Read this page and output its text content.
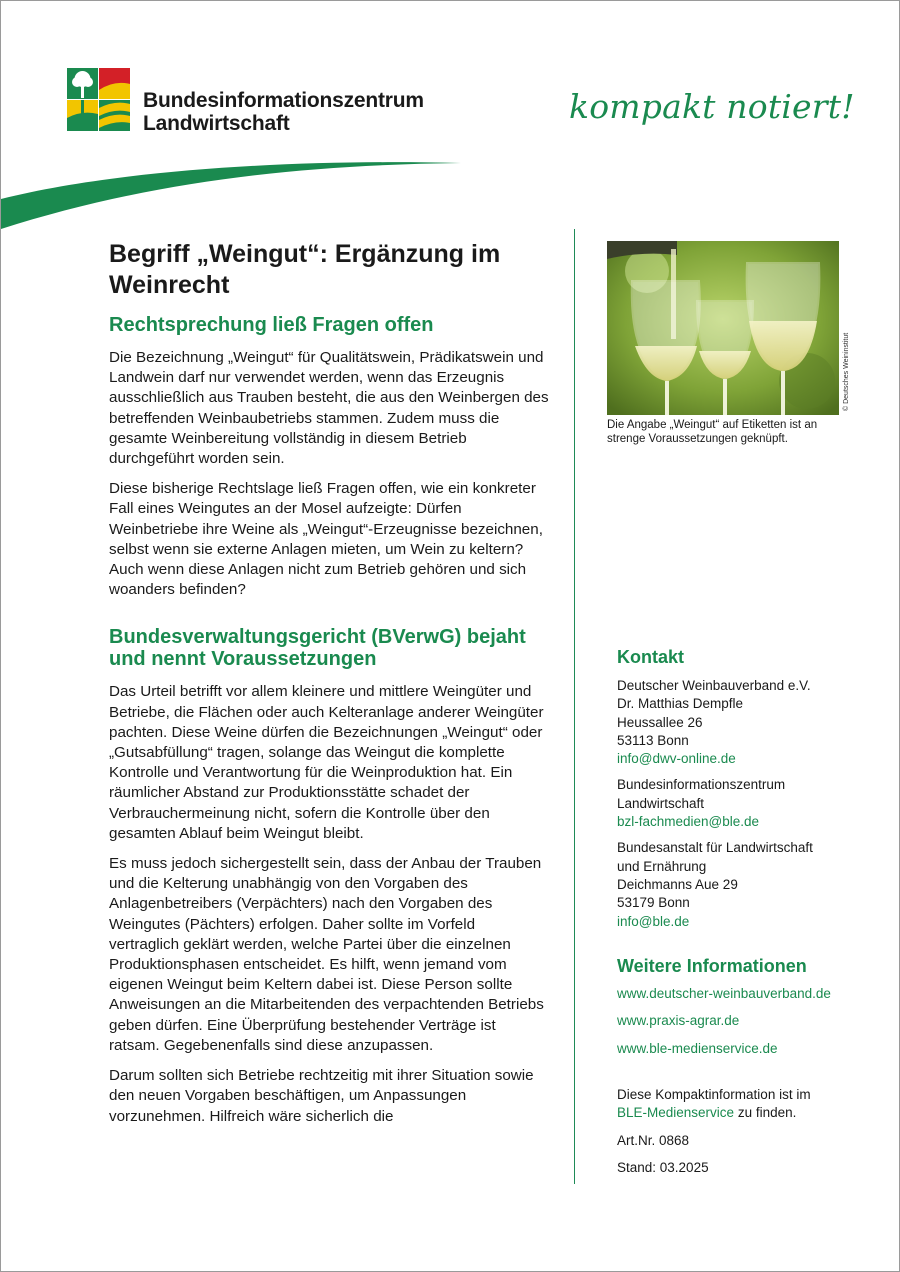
Bundesinformationszentrum
Landwirtschaft	kompakt notiert!
Begriff „Weingut“: Ergänzung im Weinrecht
Rechtsprechung ließ Fragen offen
Die Bezeichnung „Weingut“ für Qualitätswein, Prädikatswein und Landwein darf nur verwendet werden, wenn das Erzeugnis ausschließlich aus Trauben besteht, die aus den Weinbergen des betreffenden Weinbaubetriebs stammen. Zudem muss die gesamte Weinbereitung vollständig in diesem Betrieb durchgeführt worden sein.
Diese bisherige Rechtslage ließ Fragen offen, wie ein konkreter Fall eines Weingutes an der Mosel aufzeigte: Dürfen Weinbetriebe ihre Weine als „Weingut“-Erzeugnisse bezeichnen, selbst wenn sie externe Anlagen mieten, um Wein zu keltern? Auch wenn diese Anlagen nicht zum Betrieb gehören und sich woanders befinden?
Bundesverwaltungsgericht (BVerwG) bejaht und nennt Voraussetzungen
Das Urteil betrifft vor allem kleinere und mittlere Weingüter und Betriebe, die Flächen oder auch Kelteranlage anderer Weingüter pachten. Diese Weine dürfen die Bezeichnungen „Weingut“ oder „Gutsabfüllung“ tragen, solange das Weingut die komplette Kontrolle und Verantwortung für die Weinproduktion hat. Ein räumlicher Abstand zur Produktionsstätte schadet der Verbrauchermeinung nicht, sofern die Kontrolle über den gesamten Ablauf beim Weingut bleibt.
Es muss jedoch sichergestellt sein, dass der Anbau der Trauben und die Kelterung unabhängig von den Vorgaben des Anlagenbetreibers (Verpächters) nach den Vorgaben des Weingutes (Pächters) erfolgen. Daher sollte im Vorfeld vertraglich geklärt werden, welche Partei über die einzelnen Produktionsphasen entscheidet. Es hilft, wenn jemand vom eigenen Weingut beim Keltern dabei ist. Diese Person sollte Anweisungen an die Mitarbeitenden des verpachtenden Betriebs geben dürfen. Eine Überprüfung bestehender Verträge ist ratsam. Gegebenenfalls sind diese anzupassen.
Darum sollten sich Betriebe rechtzeitig mit ihrer Situation sowie den neuen Vorgaben beschäftigen, um Anpassungen vorzunehmen. Hilfreich wäre sicherlich die
© Deutsches Weininstitut
Die Angabe „Weingut“ auf Etiketten ist an strenge Voraussetzungen geknüpft.
Kontakt
Deutscher Weinbauverband e.V.
Dr. Matthias Dempfle
Heussallee 26
53113 Bonn
info@dwv-online.de
Bundesinformationszentrum
Landwirtschaft
bzl-fachmedien@ble.de
Bundesanstalt für Landwirtschaft
und Ernährung
Deichmanns Aue 29
53179 Bonn
info@ble.de
Weitere Informationen
www.deutscher-weinbauverband.de
www.praxis-agrar.de
www.ble-medienservice.de
Diese Kompaktinformation ist im
BLE-Medienservice zu finden.
Art.Nr. 0868
Stand: 03.2025
